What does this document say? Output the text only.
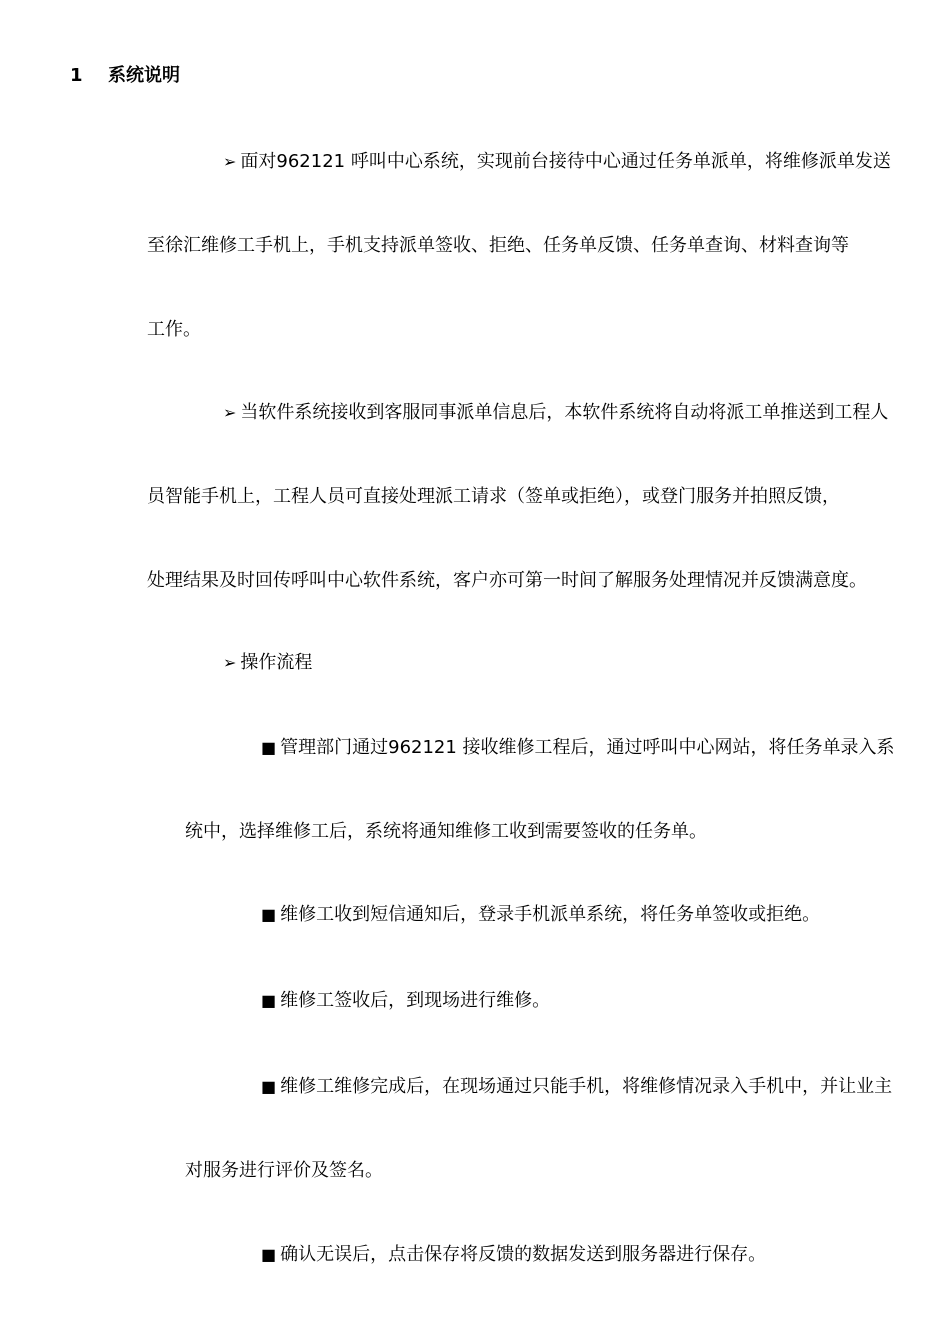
1 系统说明
➢ 面对962121 呼叫中心系统，实现前台接待中心通过任务单派单，将维修派单发送
至徐汇维修工手机上，手机支持派单签收、拒绝、任务单反馈、任务单查询、材料查询等
工作。
➢ 当软件系统接收到客服同事派单信息后，本软件系统将自动将派工单推送到工程人
员智能手机上，工程人员可直接处理派工请求（签单或拒绝），或登门服务并拍照反馈，
处理结果及时回传呼叫中心软件系统，客户亦可第一时间了解服务处理情况并反馈满意度。
➢ 操作流程
■ 管理部门通过962121 接收维修工程后，通过呼叫中心网站，将任务单录入系
统中，选择维修工后，系统将通知维修工收到需要签收的任务单。
■ 维修工收到短信通知后，登录手机派单系统，将任务单签收或拒绝。
■ 维修工签收后，到现场进行维修。
■ 维修工维修完成后，在现场通过只能手机，将维修情况录入手机中，并让业主
对服务进行评价及签名。
■ 确认无误后，点击保存将反馈的数据发送到服务器进行保存。
